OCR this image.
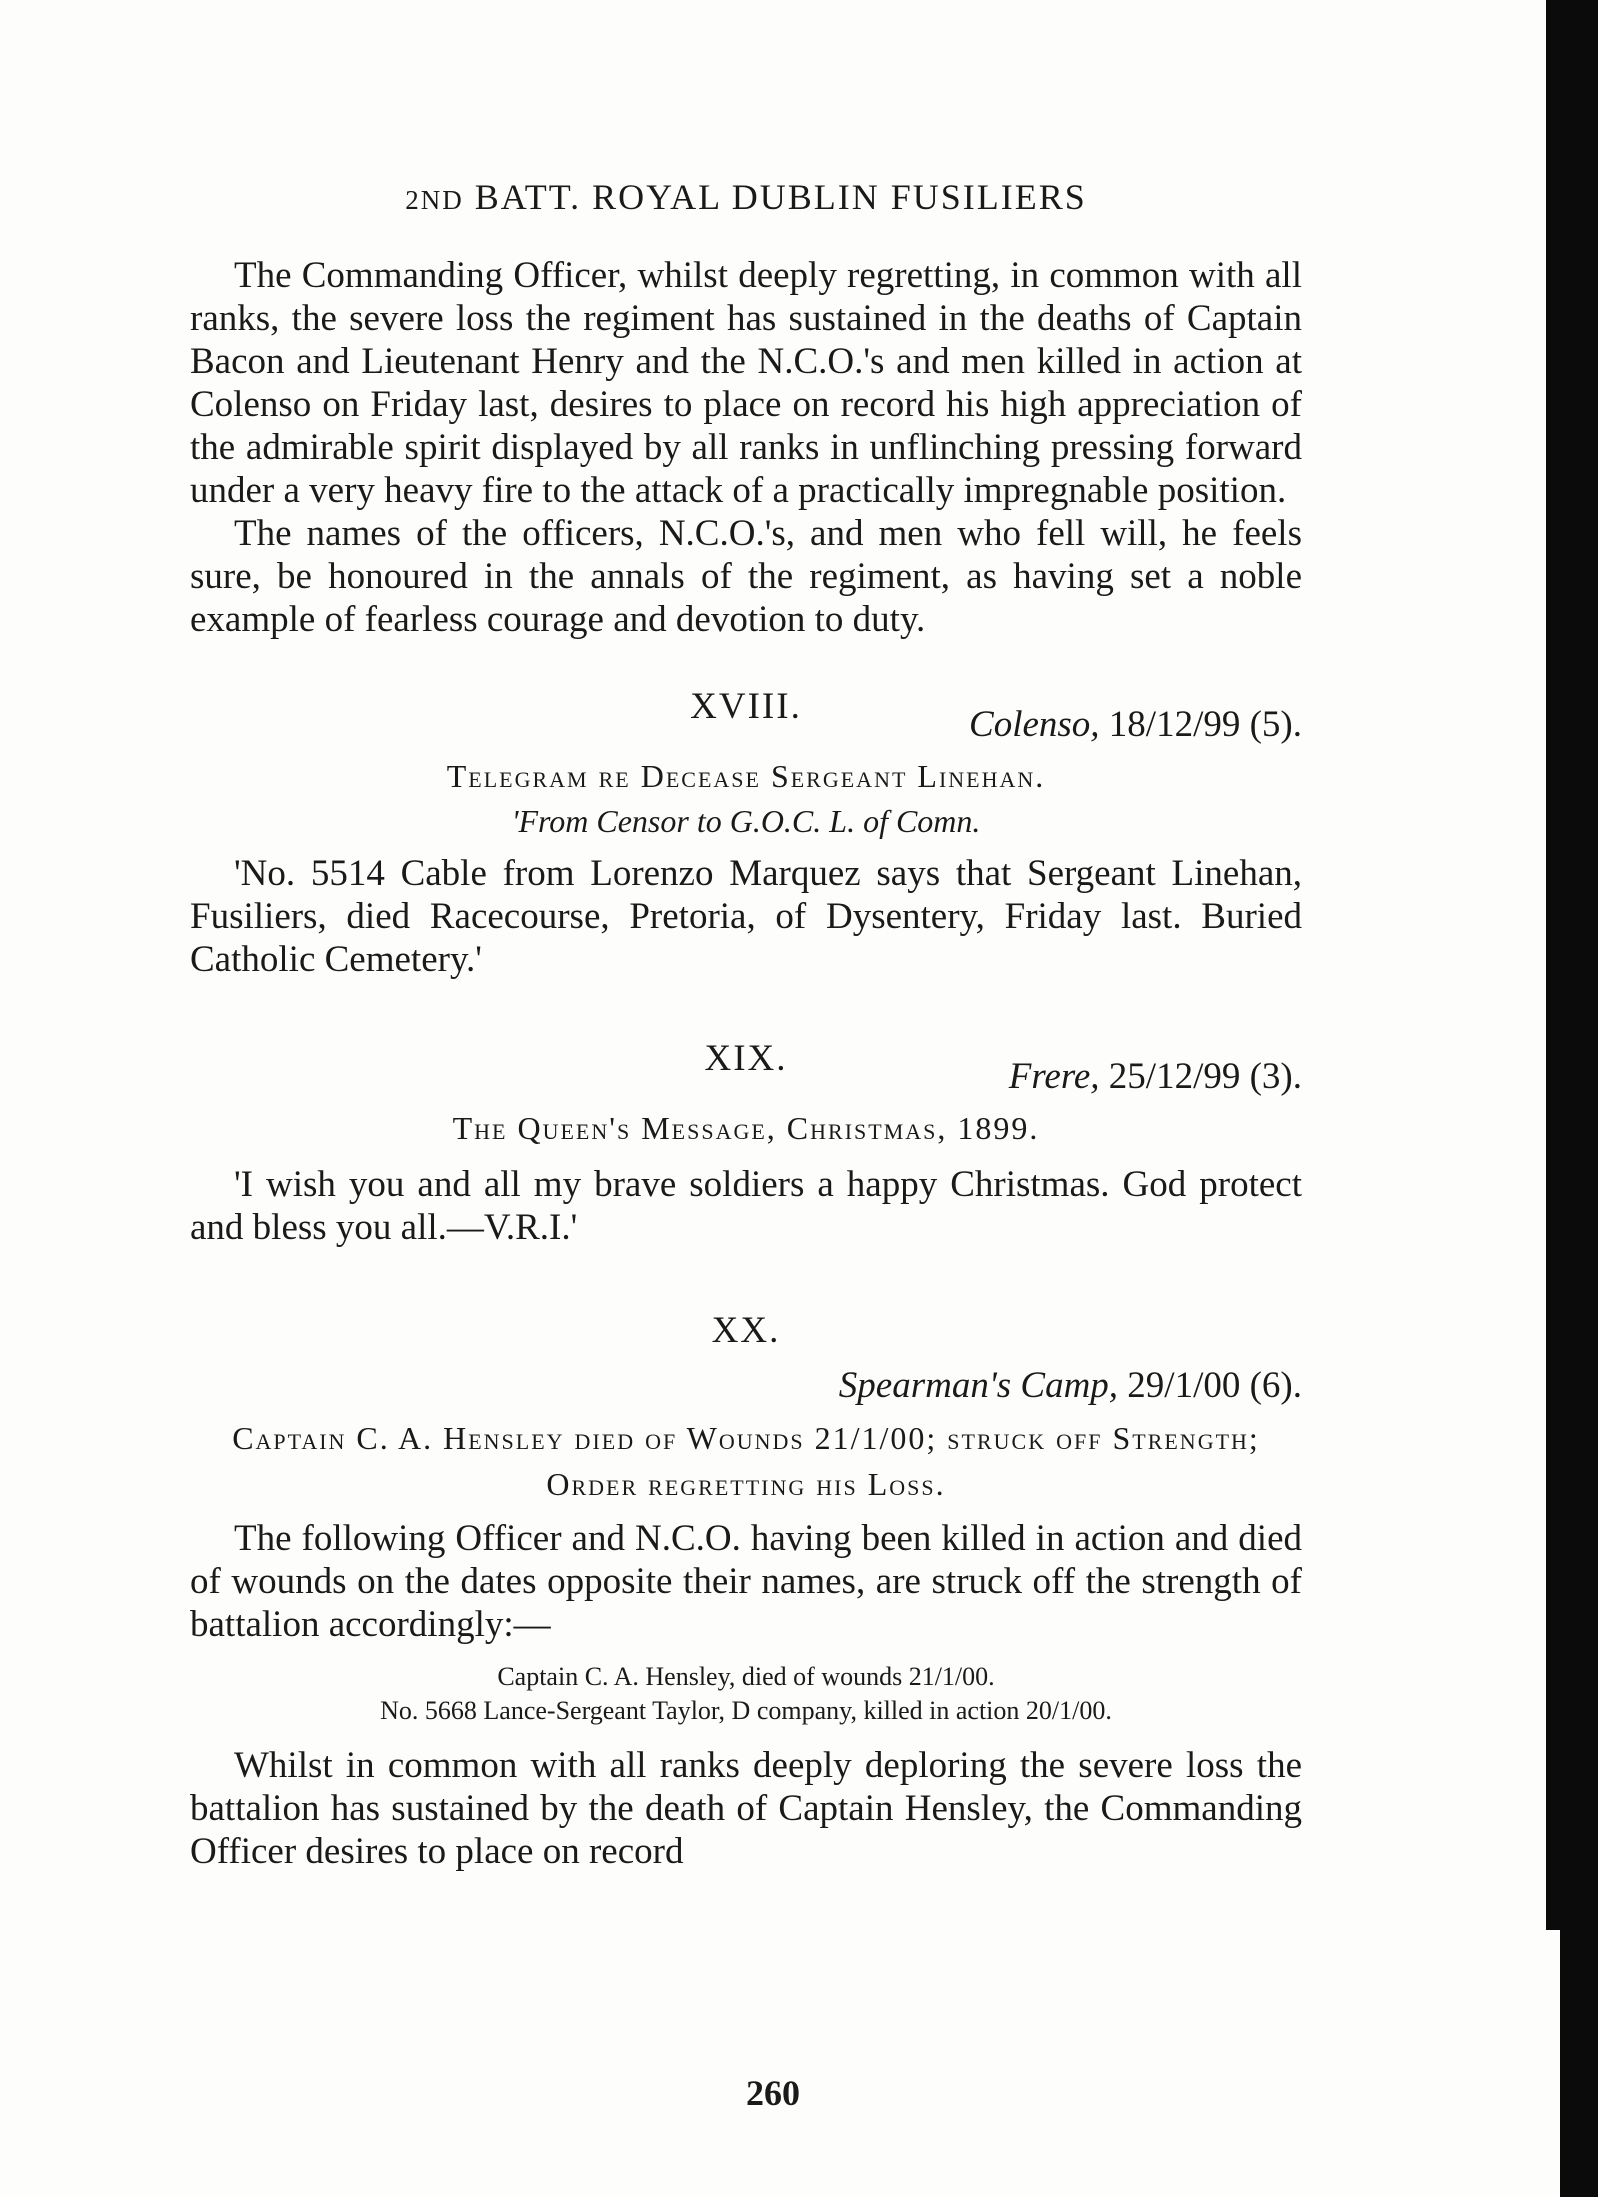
2ND BATT. ROYAL DUBLIN FUSILIERS

The Commanding Officer, whilst deeply regretting, in common with all ranks, the severe loss the regiment has sustained in the deaths of Captain Bacon and Lieutenant Henry and the N.C.O.'s and men killed in action at Colenso on Friday last, desires to place on record his high appreciation of the admirable spirit displayed by all ranks in unflinching pressing forward under a very heavy fire to the attack of a practically impregnable position.

The names of the officers, N.C.O.'s, and men who fell will, he feels sure, be honoured in the annals of the regiment, as having set a noble example of fearless courage and devotion to duty.

XVIII.	Colenso, 18/12/99 (5).
Telegram re Decease Sergeant Linehan.
'From Censor to G.O.C. L. of Comn.

'No. 5514 Cable from Lorenzo Marquez says that Sergeant Linehan, Fusiliers, died Racecourse, Pretoria, of Dysentery, Friday last. Buried Catholic Cemetery.'

XIX.	Frere, 25/12/99 (3).
The Queen's Message, Christmas, 1899.

'I wish you and all my brave soldiers a happy Christmas. God protect and bless you all.—V.R.I.'

XX.
Spearman's Camp, 29/1/00 (6).
Captain C. A. Hensley died of Wounds 21/1/00; struck off Strength; Order regretting his Loss.

The following Officer and N.C.O. having been killed in action and died of wounds on the dates opposite their names, are struck off the strength of battalion accordingly:—

Captain C. A. Hensley, died of wounds 21/1/00.
No. 5668 Lance-Sergeant Taylor, D company, killed in action 20/1/00.

Whilst in common with all ranks deeply deploring the severe loss the battalion has sustained by the death of Captain Hensley, the Commanding Officer desires to place on record

260
